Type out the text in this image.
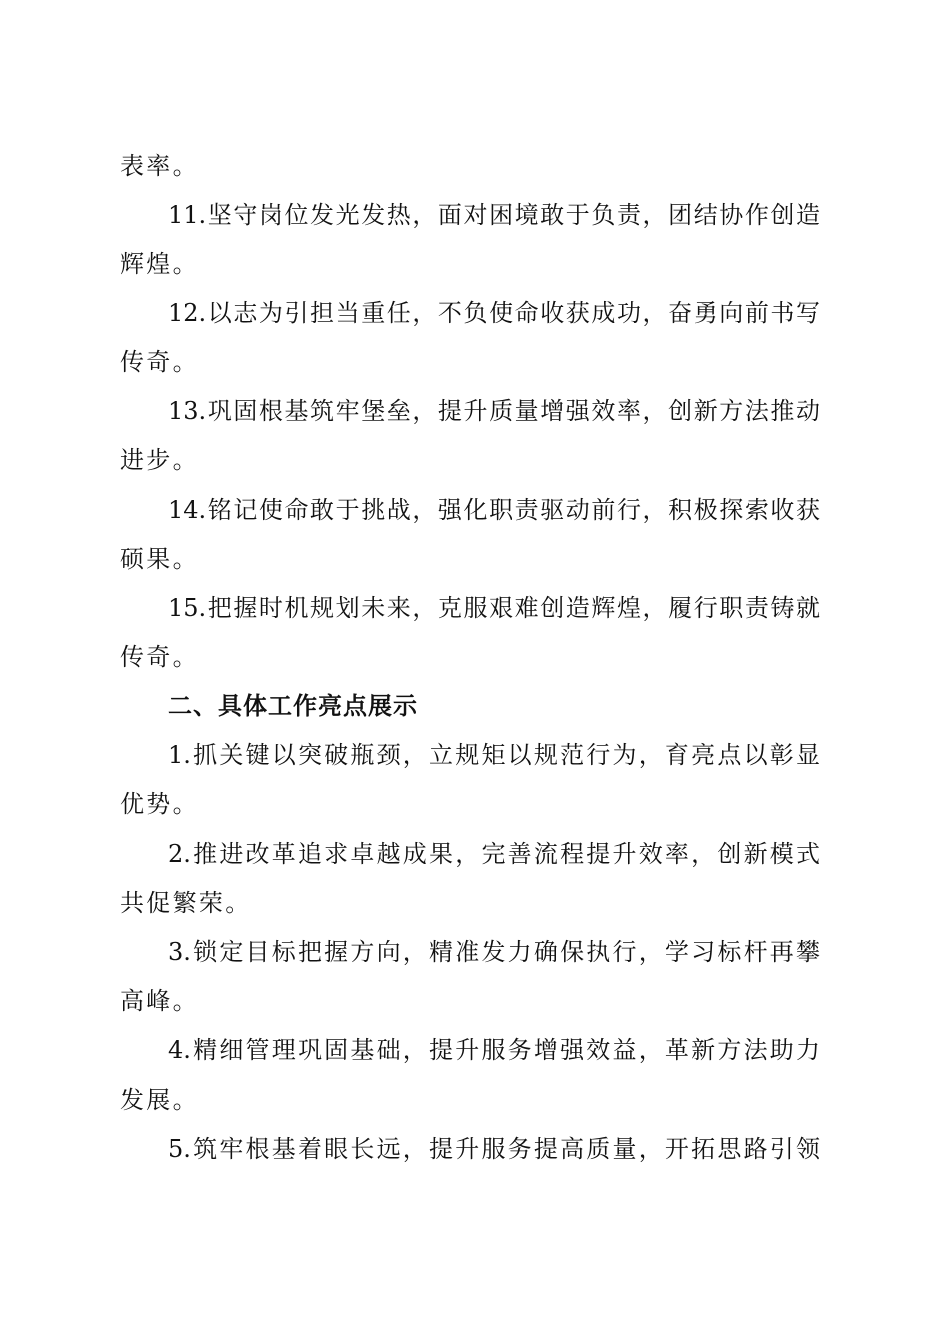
表率。
11.坚守岗位发光发热，面对困境敢于负责，团结协作创造
辉煌。
12.以志为引担当重任，不负使命收获成功，奋勇向前书写
传奇。
13.巩固根基筑牢堡垒，提升质量增强效率，创新方法推动
进步。
14.铭记使命敢于挑战，强化职责驱动前行，积极探索收获
硕果。
15.把握时机规划未来，克服艰难创造辉煌，履行职责铸就
传奇。
二、具体工作亮点展示
1.抓关键以突破瓶颈，立规矩以规范行为，育亮点以彰显
优势。
2.推进改革追求卓越成果，完善流程提升效率，创新模式
共促繁荣。
3.锁定目标把握方向，精准发力确保执行，学习标杆再攀
高峰。
4.精细管理巩固基础，提升服务增强效益，革新方法助力
发展。
5.筑牢根基着眼长远，提升服务提高质量，开拓思路引领
